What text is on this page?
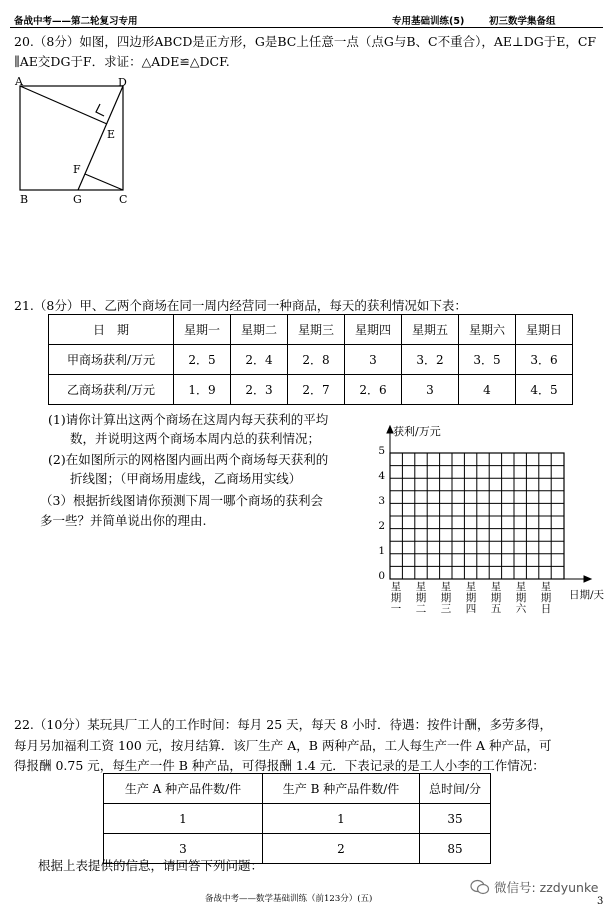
备战中考——第二轮复习专用	专用基础训练(5)	初三数学集备组
20.（8分）如图，四边形ABCD是正方形，G是BC上任意一点（点G与B、C不重合），AE⊥DG于E，CF
∥AE交DG于F．求证：△ADE≌△DCF.
A	D
E
F
B	G	C
21.（8分）甲、乙两个商场在同一周内经营同一种商品，每天的获利情况如下表：
日　期	星期一	星期二	星期三	星期四	星期五	星期六	星期日
甲商场获利/万元	2．5	2．4	2．8	3	3．2	3．5	3．6
乙商场获利/万元	1．9	2．3	2．7	2．6	3	4	4．5
(1)请你计算出这两个商场在这周内每天获利的平均
数，并说明这两个商场本周内总的获利情况；
(2)在如图所示的网格图内画出两个商场每天获利的
折线图；（甲商场用虚线，乙商场用实线）
（3）根据折线图请你预测下周一哪个商场的获利会
多一些？并简单说出你的理由.
获利/万元
0
1
2
3
4
5
星
期
一
星
期
二
星
期
三
星
期
四
星
期
五
星
期
六
星
期
日
日期/天
22.（10分）某玩具厂工人的工作时间：每月 25 天，每天 8 小时．待遇：按件计酬，多劳多得，
每月另加福利工资 100 元，按月结算．该厂生产 A，B 两种产品，工人每生产一件 A 种产品，可
得报酬 0.75 元，每生产一件 B 种产品，可得报酬 1.4 元．下表记录的是工人小李的工作情况：
生产 A 种产品件数/件	生产 B 种产品件数/件	总时间/分
1	1	35
3	2	85
根据上表提供的信息，请回答下列问题：
备战中考——数学基础训练（前123分）(五)	3
微信号: zzdyunke
